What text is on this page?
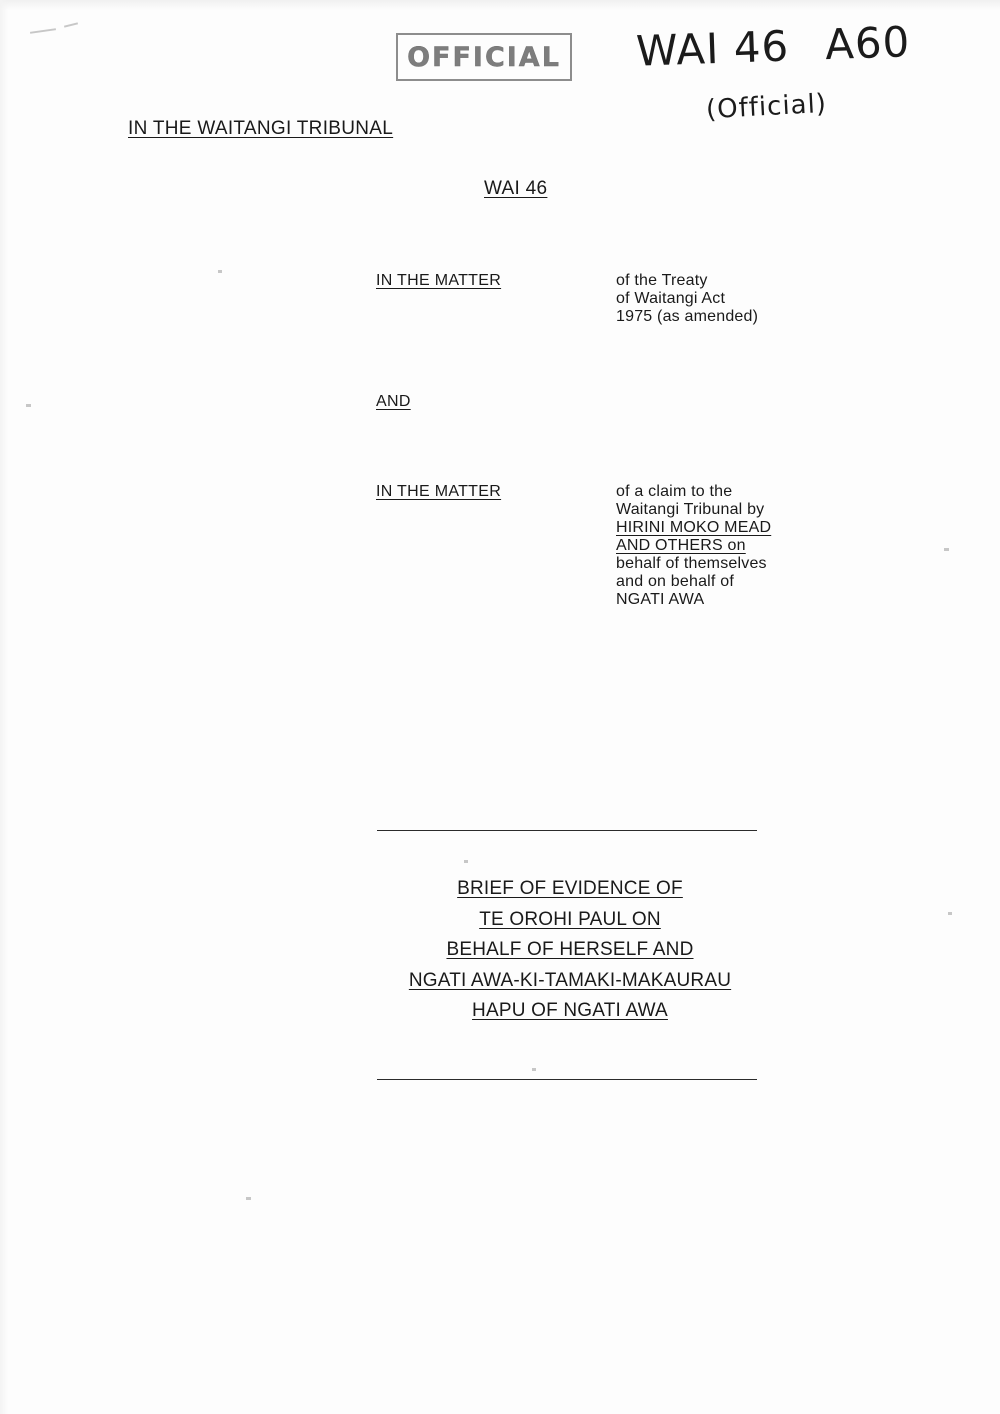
OFFICIAL WAI 46 A60
(Official)
IN THE WAITANGI TRIBUNAL
WAI 46
IN THE MATTER	of the Treaty
of Waitangi Act
1975 (as amended)
AND
IN THE MATTER	of a claim to the
Waitangi Tribunal by
HIRINI MOKO MEAD
AND OTHERS on
behalf of themselves
and on behalf of
NGATI AWA
BRIEF OF EVIDENCE OF
TE OROHI PAUL ON
BEHALF OF HERSELF AND
NGATI AWA-KI-TAMAKI-MAKAURAU
HAPU OF NGATI AWA
